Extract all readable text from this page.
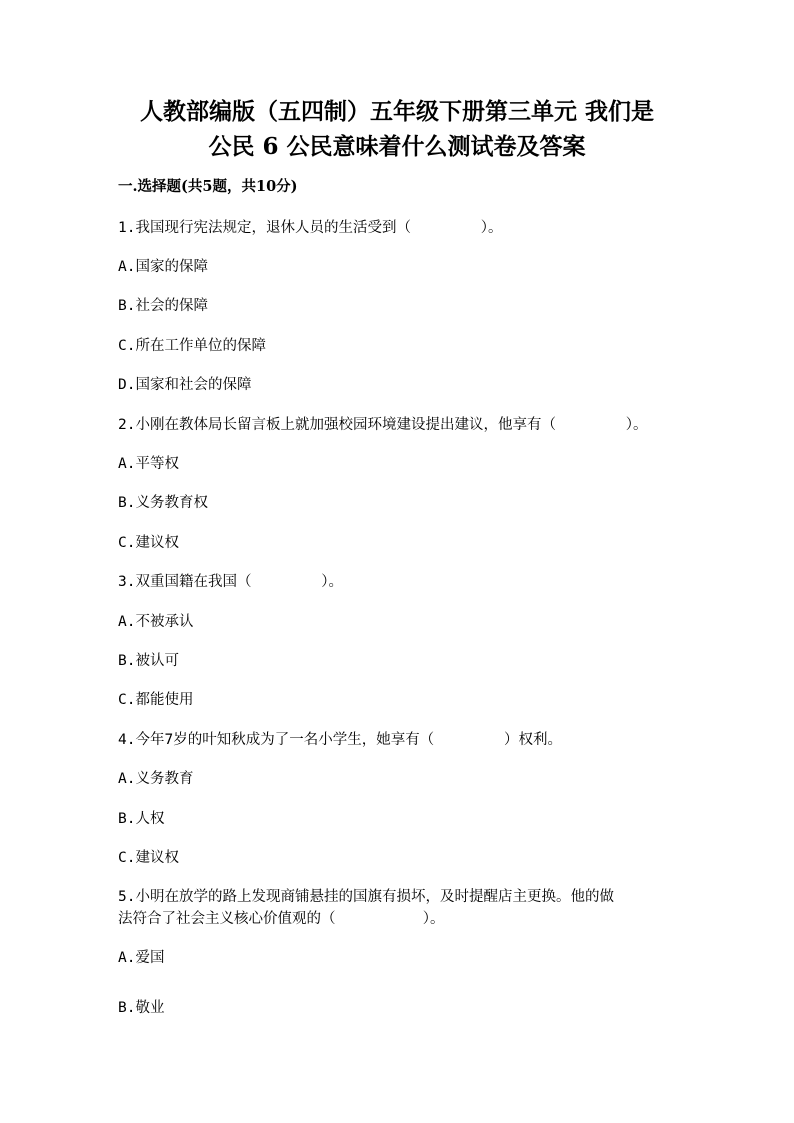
人教部编版（五四制）五年级下册第三单元 我们是
公民 6 公民意味着什么测试卷及答案
一.选择题(共5题，共10分)

1.我国现行宪法规定，退休人员的生活受到（        ）。

A.国家的保障

B.社会的保障

C.所在工作单位的保障

D.国家和社会的保障

2.小刚在教体局长留言板上就加强校园环境建设提出建议，他享有（        ）。

A.平等权

B.义务教育权

C.建议权

3.双重国籍在我国（        ）。

A.不被承认

B.被认可

C.都能使用

4.今年7岁的叶知秋成为了一名小学生，她享有（        ）权利。

A.义务教育

B.人权

C.建议权

5.小明在放学的路上发现商铺悬挂的国旗有损坏，及时提醒店主更换。他的做

法符合了社会主义核心价值观的（          ）。

A.爱国

B.敬业
